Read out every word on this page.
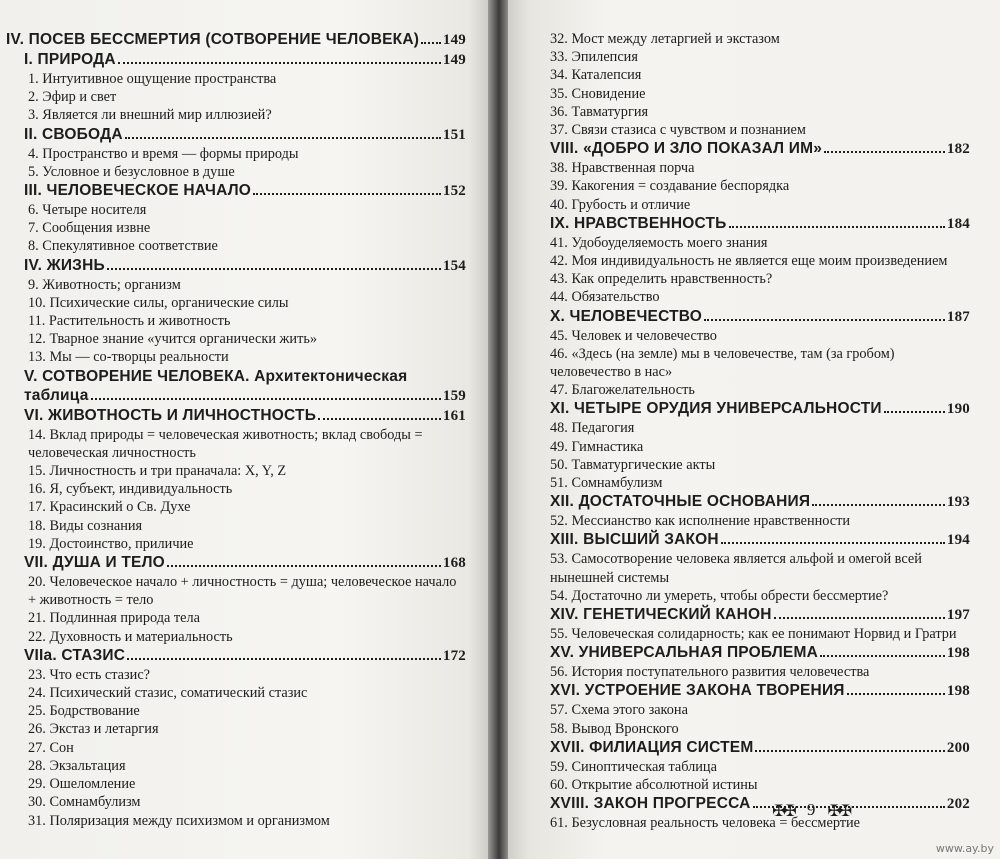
IV. ПОСЕВ БЕССМЕРТИЯ (СОТВОРЕНИЕ ЧЕЛОВЕКА) 149
I. ПРИРОДА	149
1. Интуитивное ощущение пространства
2. Эфир и свет
3. Является ли внешний мир иллюзией?
II. СВОБОДА	151
4. Пространство и время — формы природы
5. Условное и безусловное в душе
III. ЧЕЛОВЕЧЕСКОЕ НАЧАЛО	152
6. Четыре носителя
7. Сообщения извне
8. Спекулятивное соответствие
IV. ЖИЗНЬ	154
9. Животность; организм
10. Психические силы, органические силы
11. Растительность и животность
12. Тварное знание «учится органически жить»
13. Мы — со-творцы реальности
V. СОТВОРЕНИЕ ЧЕЛОВЕКА. Архитектоническая
таблица	159
VI. ЖИВОТНОСТЬ И ЛИЧНОСТНОСТЬ	161
14. Вклад природы = человеческая животность; вклад свободы = человеческая личностность
15. Личностность и три праначала: X, Y, Z
16. Я, субъект, индивидуальность
17. Красинский о Св. Духе
18. Виды сознания
19. Достоинство, приличие
VII. ДУША И ТЕЛО	168
20. Человеческое начало + личностность = душа; человеческое начало + животность = тело
21. Подлинная природа тела
22. Духовность и материальность
VIIa. СТАЗИС	172
23. Что есть стазис?
24. Психический стазис, соматический стазис
25. Бодрствование
26. Экстаз и летаргия
27. Сон
28. Экзальтация
29. Ошеломление
30. Сомнамбулизм
31. Поляризация между психизмом и организмом
32. Мост между летаргией и экстазом
33. Эпилепсия
34. Каталепсия
35. Сновидение
36. Тавматургия
37. Связи стазиса с чувством и познанием
VIII. «ДОБРО И ЗЛО ПОКАЗАЛ ИМ»	182
38. Нравственная порча
39. Какогения = создавание беспорядка
40. Грубость и отличие
IX. НРАВСТВЕННОСТЬ	184
41. Удобоуделяемость моего знания
42. Моя индивидуальность не является еще моим произведением
43. Как определить нравственность?
44. Обязательство
X. ЧЕЛОВЕЧЕСТВО	187
45. Человек и человечество
46. «Здесь (на земле) мы в человечестве, там (за гробом) человечество в нас»
47. Благожелательность
XI. ЧЕТЫРЕ ОРУДИЯ УНИВЕРСАЛЬНОСТИ	190
48. Педагогия
49. Гимнастика
50. Тавматургические акты
51. Сомнамбулизм
XII. ДОСТАТОЧНЫЕ ОСНОВАНИЯ	193
52. Мессианство как исполнение нравственности
XIII. ВЫСШИЙ ЗАКОН	194
53. Самосотворение человека является альфой и омегой всей нынешней системы
54. Достаточно ли умереть, чтобы обрести бессмертие?
XIV. ГЕНЕТИЧЕСКИЙ КАНОН	197
55. Человеческая солидарность; как ее понимают Норвид и Гратри
XV. УНИВЕРСАЛЬНАЯ ПРОБЛЕМА	198
56. История поступательного развития человечества
XVI. УСТРОЕНИЕ ЗАКОНА ТВОРЕНИЯ	198
57. Схема этого закона
58. Вывод Вронского
XVII. ФИЛИАЦИЯ СИСТЕМ	200
59. Синоптическая таблица
60. Открытие абсолютной истины
XVIII. ЗАКОН ПРОГРЕССА	202
61. Безусловная реальность человека = бессмертие
✠✠ 9 ✠✠
www.ay.by
